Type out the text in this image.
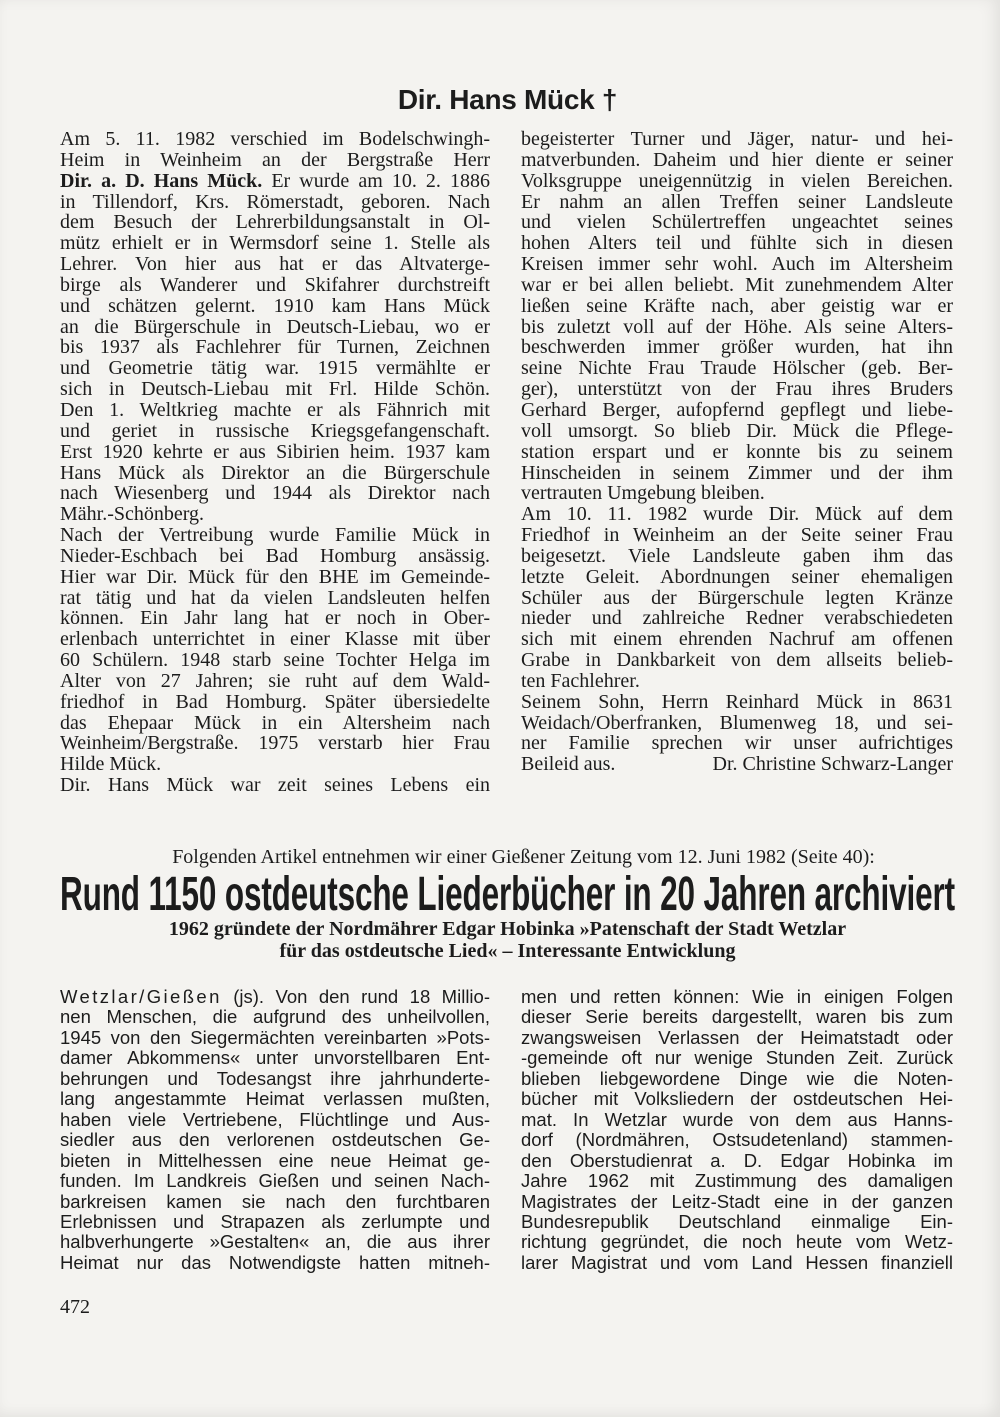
Dir. Hans Mück †
Am 5. 11. 1982 verschied im Bodelschwingh-
Heim in Weinheim an der Bergstraße Herr
Dir. a. D. Hans Mück. Er wurde am 10. 2. 1886
in Tillendorf, Krs. Römerstadt, geboren. Nach
dem Besuch der Lehrerbildungsanstalt in Ol-
mütz erhielt er in Wermsdorf seine 1. Stelle als
Lehrer. Von hier aus hat er das Altvaterge-
birge als Wanderer und Skifahrer durchstreift
und schätzen gelernt. 1910 kam Hans Mück
an die Bürgerschule in Deutsch-Liebau, wo er
bis 1937 als Fachlehrer für Turnen, Zeichnen
und Geometrie tätig war. 1915 vermählte er
sich in Deutsch-Liebau mit Frl. Hilde Schön.
Den 1. Weltkrieg machte er als Fähnrich mit
und geriet in russische Kriegsgefangenschaft.
Erst 1920 kehrte er aus Sibirien heim. 1937 kam
Hans Mück als Direktor an die Bürgerschule
nach Wiesenberg und 1944 als Direktor nach
Mähr.-Schönberg.
Nach der Vertreibung wurde Familie Mück in
Nieder-Eschbach bei Bad Homburg ansässig.
Hier war Dir. Mück für den BHE im Gemeinde-
rat tätig und hat da vielen Landsleuten helfen
können. Ein Jahr lang hat er noch in Ober-
erlenbach unterrichtet in einer Klasse mit über
60 Schülern. 1948 starb seine Tochter Helga im
Alter von 27 Jahren; sie ruht auf dem Wald-
friedhof in Bad Homburg. Später übersiedelte
das Ehepaar Mück in ein Altersheim nach
Weinheim/Bergstraße. 1975 verstarb hier Frau
Hilde Mück.
Dir. Hans Mück war zeit seines Lebens ein
begeisterter Turner und Jäger, natur- und hei-
matverbunden. Daheim und hier diente er seiner
Volksgruppe uneigennützig in vielen Bereichen.
Er nahm an allen Treffen seiner Landsleute
und vielen Schülertreffen ungeachtet seines
hohen Alters teil und fühlte sich in diesen
Kreisen immer sehr wohl. Auch im Altersheim
war er bei allen beliebt. Mit zunehmendem Alter
ließen seine Kräfte nach, aber geistig war er
bis zuletzt voll auf der Höhe. Als seine Alters-
beschwerden immer größer wurden, hat ihn
seine Nichte Frau Traude Hölscher (geb. Ber-
ger), unterstützt von der Frau ihres Bruders
Gerhard Berger, aufopfernd gepflegt und liebe-
voll umsorgt. So blieb Dir. Mück die Pflege-
station erspart und er konnte bis zu seinem
Hinscheiden in seinem Zimmer und der ihm
vertrauten Umgebung bleiben.
Am 10. 11. 1982 wurde Dir. Mück auf dem
Friedhof in Weinheim an der Seite seiner Frau
beigesetzt. Viele Landsleute gaben ihm das
letzte Geleit. Abordnungen seiner ehemaligen
Schüler aus der Bürgerschule legten Kränze
nieder und zahlreiche Redner verabschiedeten
sich mit einem ehrenden Nachruf am offenen
Grabe in Dankbarkeit von dem allseits belieb-
ten Fachlehrer.
Seinem Sohn, Herrn Reinhard Mück in 8631
Weidach/Oberfranken, Blumenweg 18, und sei-
ner Familie sprechen wir unser aufrichtiges
Beileid aus.	Dr. Christine Schwarz-Langer
Folgenden Artikel entnehmen wir einer Gießener Zeitung vom 12. Juni 1982 (Seite 40):
Rund 1150 ostdeutsche Liederbücher in 20 Jahren archiviert
1962 gründete der Nordmährer Edgar Hobinka »Patenschaft der Stadt Wetzlar
für das ostdeutsche Lied« – Interessante Entwicklung
Wetzlar/Gießen (js). Von den rund 18 Millio-
nen Menschen, die aufgrund des unheilvollen,
1945 von den Siegermächten vereinbarten »Pots-
damer Abkommens« unter unvorstellbaren Ent-
behrungen und Todesangst ihre jahrhunderte-
lang angestammte Heimat verlassen mußten,
haben viele Vertriebene, Flüchtlinge und Aus-
siedler aus den verlorenen ostdeutschen Ge-
bieten in Mittelhessen eine neue Heimat ge-
funden. Im Landkreis Gießen und seinen Nach-
barkreisen kamen sie nach den furchtbaren
Erlebnissen und Strapazen als zerlumpte und
halbverhungerte »Gestalten« an, die aus ihrer
Heimat nur das Notwendigste hatten mitneh-
men und retten können: Wie in einigen Folgen
dieser Serie bereits dargestellt, waren bis zum
zwangsweisen Verlassen der Heimatstadt oder
-gemeinde oft nur wenige Stunden Zeit. Zurück
blieben liebgewordene Dinge wie die Noten-
bücher mit Volksliedern der ostdeutschen Hei-
mat. In Wetzlar wurde von dem aus Hanns-
dorf (Nordmähren, Ostsudetenland) stammen-
den Oberstudienrat a. D. Edgar Hobinka im
Jahre 1962 mit Zustimmung des damaligen
Magistrates der Leitz-Stadt eine in der ganzen
Bundesrepublik Deutschland einmalige Ein-
richtung gegründet, die noch heute vom Wetz-
larer Magistrat und vom Land Hessen finanziell
472
